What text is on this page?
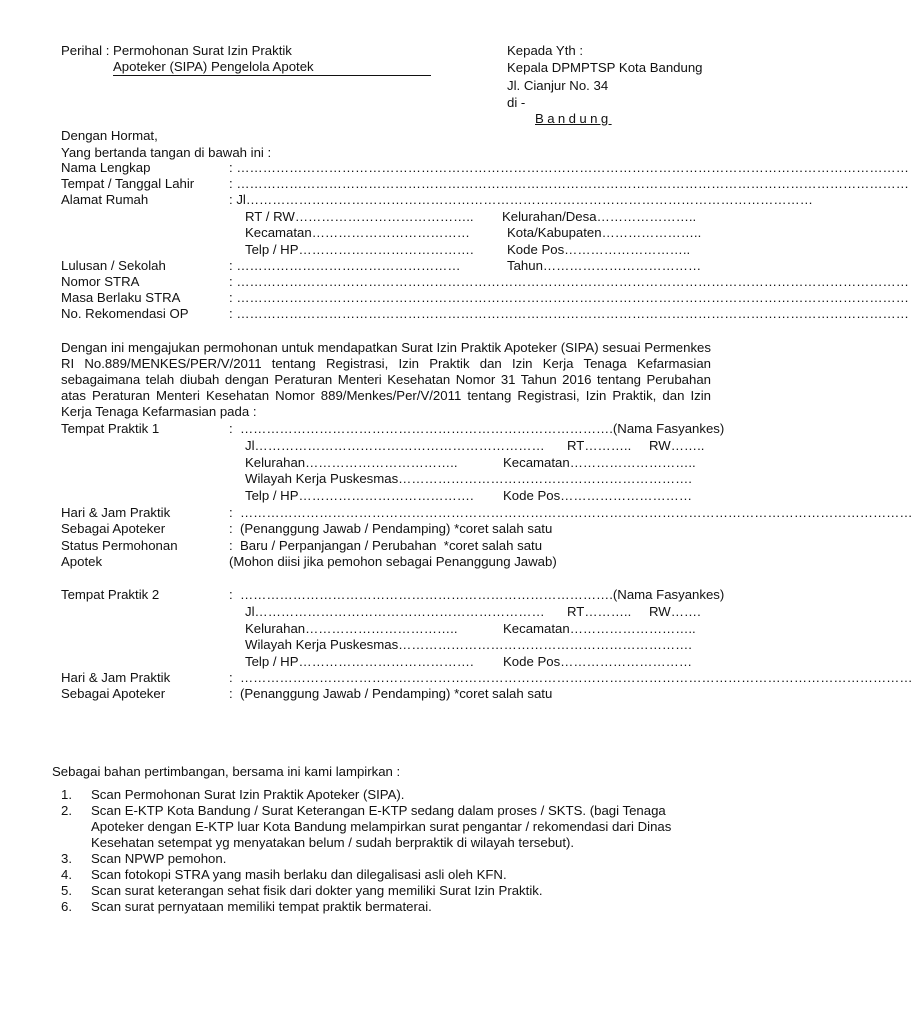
Perihal : Permohonan Surat Izin Praktik
Apoteker (SIPA) Pengelola Apotek
Kepada Yth :
Kepala DPMPTSP Kota Bandung
Jl. Cianjur No. 34
di -
Bandung
Dengan Hormat,
Yang bertanda tangan di bawah ini :
Nama Lengkap	: ………………………………………………………………………………………………………………………………………
Tempat / Tanggal Lahir	: ………………………………………………………………………………………………………………………………………
Alamat Rumah	: Jl…………………………………………………………………………………………………………………
RT / RW………………………………….. Kelurahan/Desa…………………..
Kecamatan………………………………	Kota/Kabupaten…………………..
Telp / HP………………………………….	Kode Pos………………………..
Lulusan / Sekolah	: ……………………………………………	Tahun………………………………
Nomor STRA	: ………………………………………………………………………………………………………………………………………
Masa Berlaku STRA	: ………………………………………………………………………………………………………………………………………
No. Rekomendasi OP	: ………………………………………………………………………………………………………………………………………
Dengan ini mengajukan permohonan untuk mendapatkan Surat Izin Praktik Apoteker (SIPA) sesuai Permenkes RI No.889/MENKES/PER/V/2011 tentang Registrasi, Izin Praktik dan Izin Kerja Tenaga Kefarmasian sebagaimana telah diubah dengan Peraturan Menteri Kesehatan Nomor 31 Tahun 2016 tentang Perubahan atas Peraturan Menteri Kesehatan Nomor 889/Menkes/Per/V/2011 tentang Registrasi, Izin Praktik, dan Izin Kerja Tenaga Kefarmasian pada :
Tempat Praktik 1	:  ………………………………………………………………………….(Nama Fasyankes)
Jl………………………………………………………… RT……….. RW……..
Kelurahan……………………………..	Kecamatan………………………..
Wilayah Kerja Puskesmas………………………………………………………….
Telp / HP…………………………………. Kode Pos…………………………
Hari & Jam Praktik	:  ………………………………………………………………………………………………………………………………………
Sebagai Apoteker	:  (Penanggung Jawab / Pendamping) *coret salah satu
Status Permohonan	:  Baru / Perpanjangan / Perubahan  *coret salah satu
Apotek	(Mohon diisi jika pemohon sebagai Penanggung Jawab)
Tempat Praktik 2	:  ………………………………………………………………………….(Nama Fasyankes)
Jl………………………………………………………… RT……….. RW…….
Kelurahan……………………………..	Kecamatan………………………..
Wilayah Kerja Puskesmas………………………………………………………….
Telp / HP…………………………………. Kode Pos…………………………
Hari & Jam Praktik	:  ………………………………………………………………………………………………………………………………………
Sebagai Apoteker	:  (Penanggung Jawab / Pendamping) *coret salah satu
Sebagai bahan pertimbangan, bersama ini kami lampirkan :
1. Scan Permohonan Surat Izin Praktik Apoteker (SIPA).
2. Scan E-KTP Kota Bandung / Surat Keterangan E-KTP sedang dalam proses / SKTS. (bagi Tenaga Apoteker dengan E-KTP luar Kota Bandung melampirkan surat pengantar / rekomendasi dari Dinas Kesehatan setempat yg menyatakan belum / sudah berpraktik di wilayah tersebut).
3. Scan NPWP pemohon.
4. Scan fotokopi STRA yang masih berlaku dan dilegalisasi asli oleh KFN.
5. Scan surat keterangan sehat fisik dari dokter yang memiliki Surat Izin Praktik.
6. Scan surat pernyataan memiliki tempat praktik bermaterai.
